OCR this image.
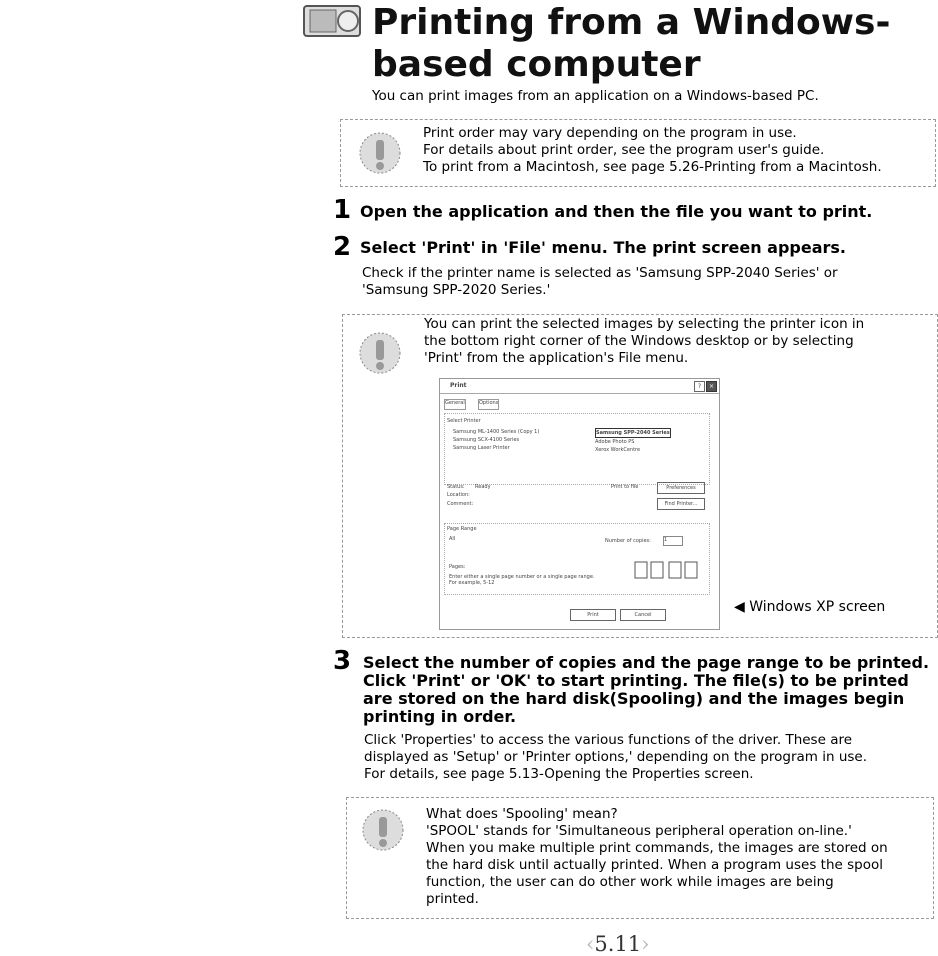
Printing from a Windows-
based computer
You can print images from an application on a Windows-based PC.
Print order may vary depending on the program in use.
For details about print order, see the program user's guide.
To print from a Macintosh, see page 5.26-Printing from a Macintosh.
1 Open the application and then the file you want to print.
2 Select 'Print' in 'File' menu. The print screen appears.
Check if the printer name is selected as 'Samsung SPP-2040 Series' or
'Samsung SPP-2020 Series.'
You can print the selected images by selecting the printer icon in
the bottom right corner of the Windows desktop or by selecting
'Print' from the application's File menu.
Print	?	×
General	Options
Select Printer
Samsung ML-1400 Series (Copy 1)
Samsung SCX-4100 Series
Samsung Laser Printer
Samsung SPP-2040 Series
Adobe Photo PS
Xerox WorkCentre
Status: Ready
Location:
Comment:
Print to file	Preferences
Find Printer...
Page Range
All
Pages:
Enter either a single page number or a single page range. For example, 5-12
Number of copies:	1
Print	Cancel	◀ Windows XP screen
3 Select the number of copies and the page range to be printed.
Click 'Print' or 'OK' to start printing. The file(s) to be printed
are stored on the hard disk(Spooling) and the images begin
printing in order.
Click 'Properties' to access the various functions of the driver. These are
displayed as 'Setup' or 'Printer options,' depending on the program in use.
For details, see page 5.13-Opening the Properties screen.
What does 'Spooling' mean?
'SPOOL' stands for 'Simultaneous peripheral operation on-line.'
When you make multiple print commands, the images are stored on
the hard disk until actually printed. When a program uses the spool
function, the user can do other work while images are being
printed.
‹5.11›
